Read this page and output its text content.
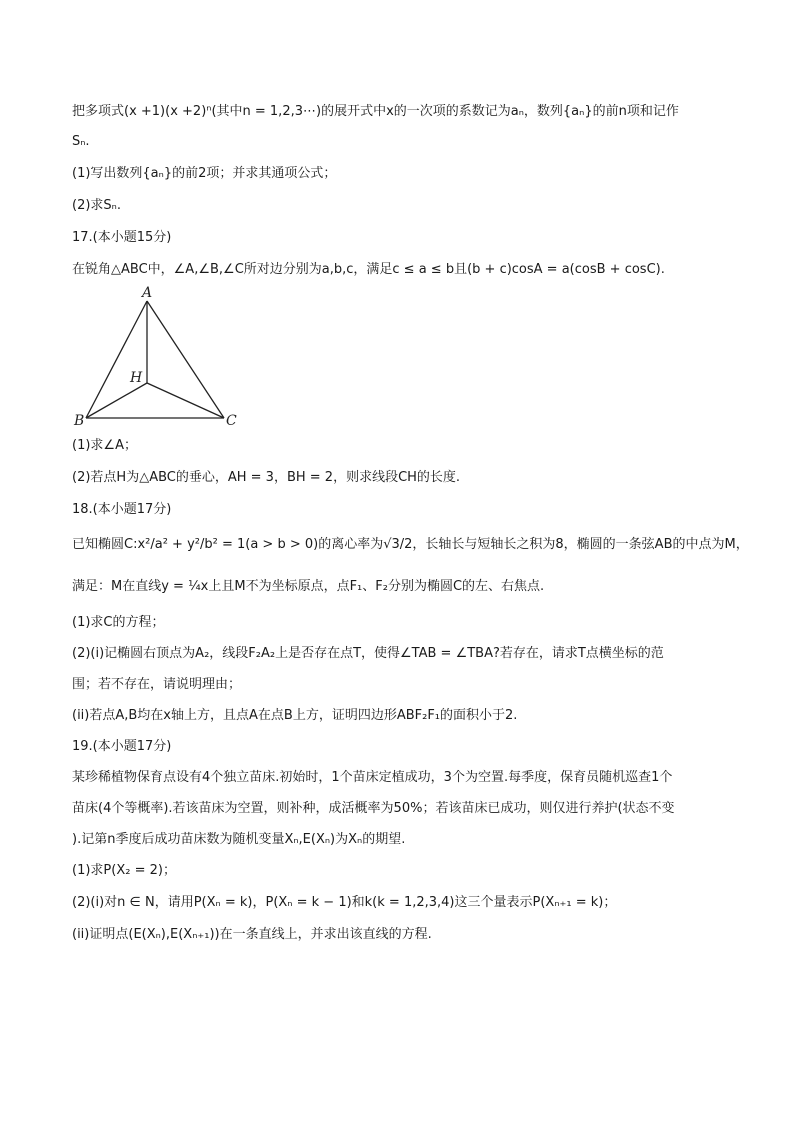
把多项式(x +1)(x +2)ⁿ(其中n = 1,2,3⋯)的展开式中x的一次项的系数记为aₙ，数列{aₙ}的前n项和记作
Sₙ.
(1)写出数列{aₙ}的前2项；并求其通项公式；
(2)求Sₙ.
17.(本小题15分)
在锐角△ABC中，∠A,∠B,∠C所对边分别为a,b,c，满足c ≤ a ≤ b且(b + c)cosA = a(cosB + cosC).
A
B	C
H
(1)求∠A；
(2)若点H为△ABC的垂心，AH = 3，BH = 2，则求线段CH的长度.
18.(本小题17分)
已知椭圆C:x²/a² + y²/b² = 1(a > b > 0)的离心率为√3/2，长轴长与短轴长之积为8，椭圆的一条弦AB的中点为M，
满足：M在直线y = ¼x上且M不为坐标原点，点F₁、F₂分别为椭圆C的左、右焦点.
(1)求C的方程；
(2)(i)记椭圆右顶点为A₂，线段F₂A₂上是否存在点T，使得∠TAB = ∠TBA?若存在，请求T点横坐标的范
围；若不存在，请说明理由；
(ii)若点A,B均在x轴上方，且点A在点B上方，证明四边形ABF₂F₁的面积小于2.
19.(本小题17分)
某珍稀植物保育点设有4个独立苗床.初始时，1个苗床定植成功，3个为空置.每季度，保育员随机巡查1个
苗床(4个等概率).若该苗床为空置，则补种，成活概率为50%；若该苗床已成功，则仅进行养护(状态不变
).记第n季度后成功苗床数为随机变量Xₙ,E(Xₙ)为Xₙ的期望.
(1)求P(X₂ = 2)；
(2)(i)对n ∈ N，请用P(Xₙ = k)，P(Xₙ = k − 1)和k(k = 1,2,3,4)这三个量表示P(Xₙ₊₁ = k)；
(ii)证明点(E(Xₙ),E(Xₙ₊₁))在一条直线上，并求出该直线的方程.
